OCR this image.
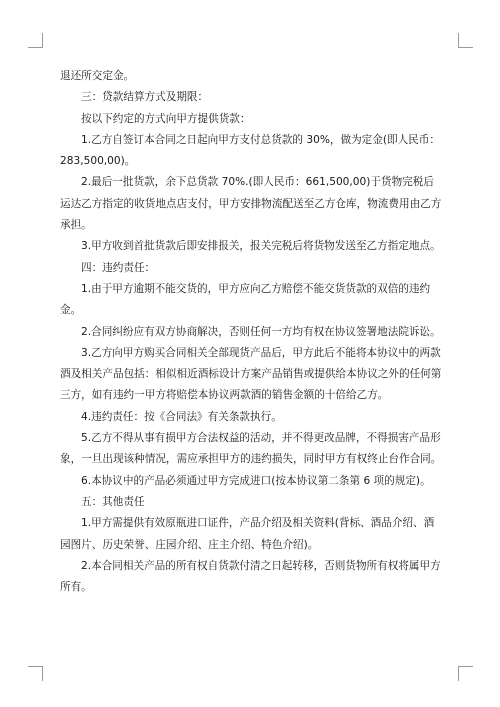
退还所交定金。

三：贷款结算方式及期限：

按以下约定的方式向甲方提供货款：

1.乙方自签订本合同之日起向甲方支付总货款的 30%，做为定金(即人民币：283,500,00)。

2.最后一批货款，余下总货款 70%.(即人民币：661,500,00)于货物完税后运达乙方指定的收货地点店支付，甲方安排物流配送至乙方仓库，物流费用由乙方承担。

3.甲方收到首批货款后即安排报关，报关完税后将货物发送至乙方指定地点。

四：违约责任：

1.由于甲方逾期不能交货的，甲方应向乙方赔偿不能交货货款的双倍的违约金。

2.合同纠纷应有双方协商解决，否则任何一方均有权在协议签署地法院诉讼。

3.乙方向甲方购买合同相关全部现货产品后，甲方此后不能将本协议中的两款酒及相关产品包括：相似相近酒标设计方案产品销售或提供给本协议之外的任何第三方，如有违约一甲方将赔偿本协议两款酒的销售金额的十倍给乙方。

4.违约责任：按《合同法》有关条款执行。

5.乙方不得从事有损甲方合法权益的活动，并不得更改品牌，不得损害产品形象，一旦出现该种情况，需应承担甲方的违约损失，同时甲方有权终止台作合同。

6.本协议中的产品必须通过甲方完成进口(按本协议第二条第 6 项的规定)。

五：其他责任

1.甲方需提供有效原瓶进口证件，产品介绍及相关资料(背标、酒品介绍、酒园图片、历史荣誉、庄园介绍、庄主介绍、特色介绍)。

2.本合同相关产品的所有权自货款付清之日起转移，否则货物所有权将属甲方所有。
